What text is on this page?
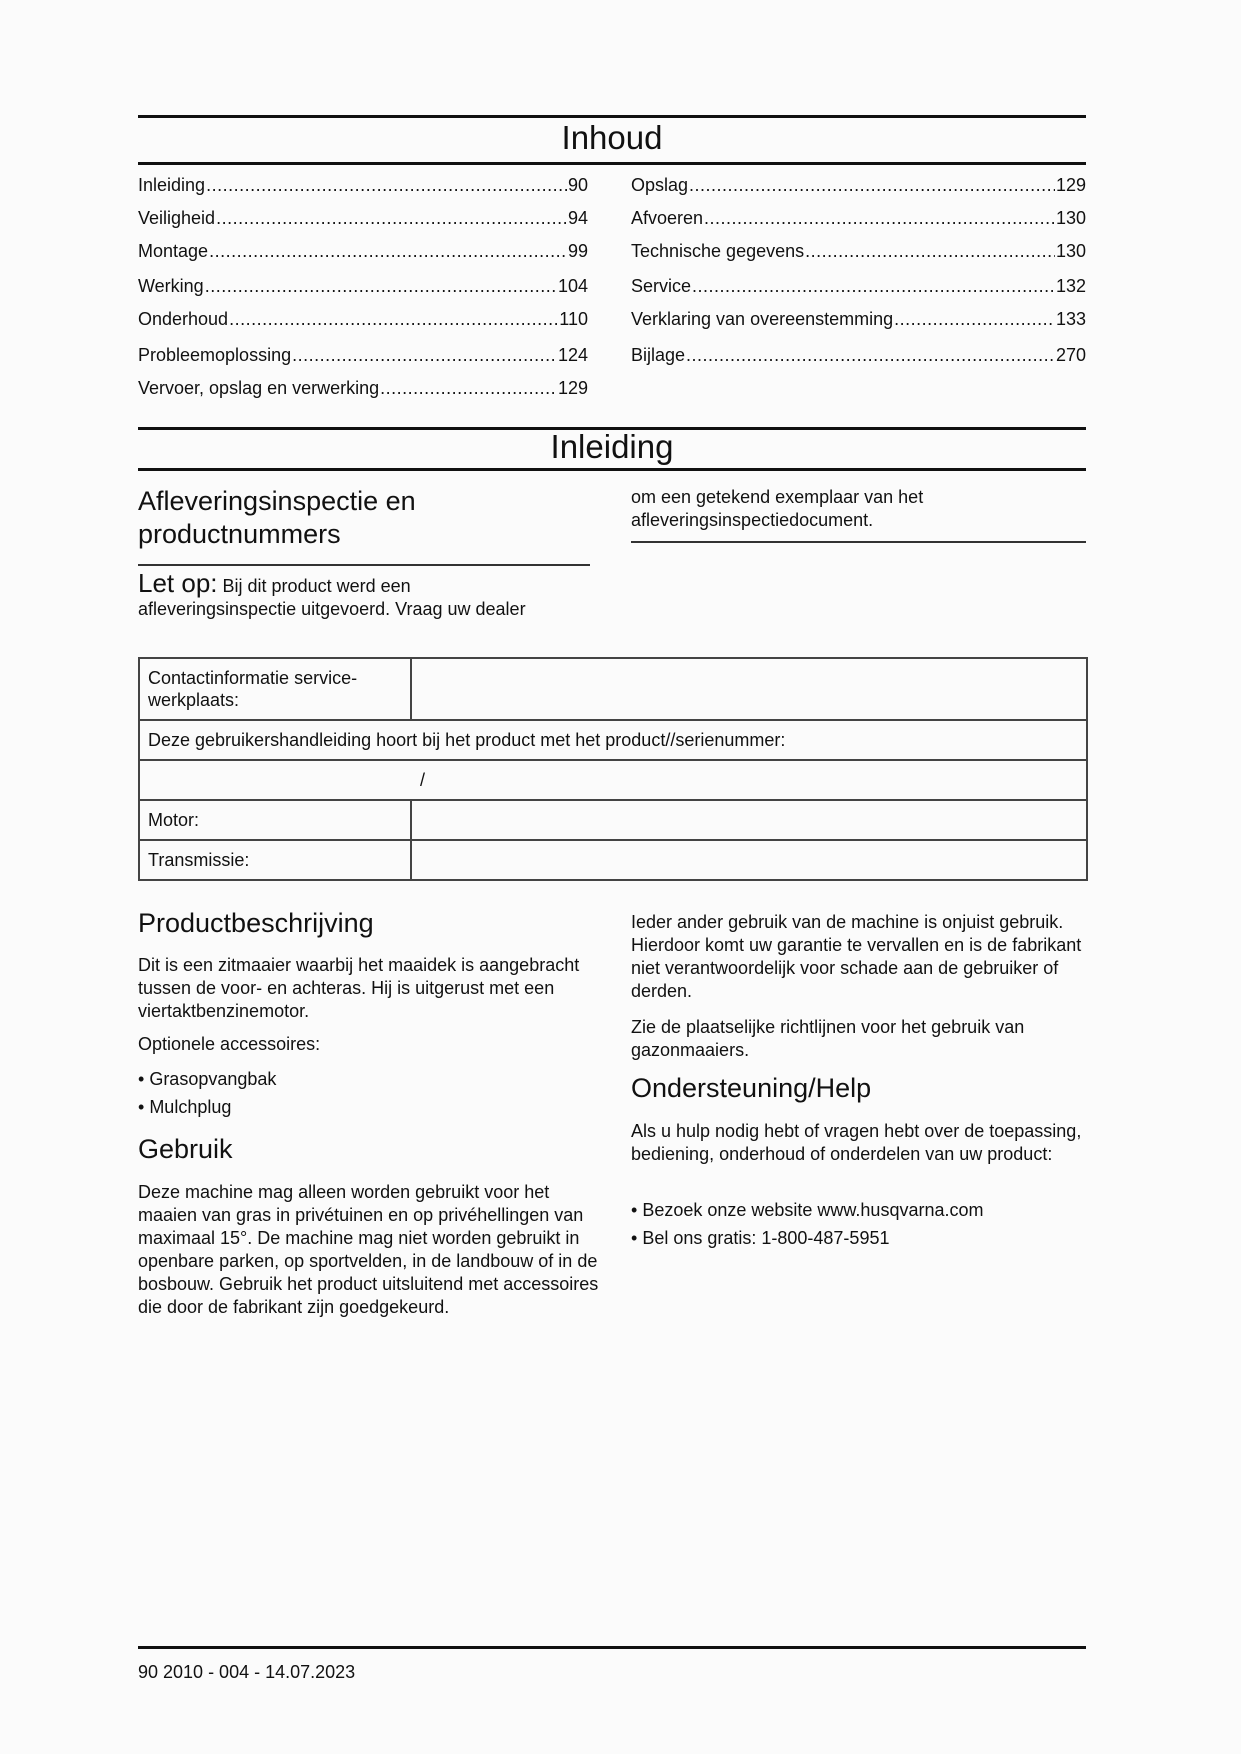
Inhoud
Inleiding .....	90
Veiligheid .....	94
Montage .....	99
Werking .....	104
Onderhoud .....	110
Probleemoplossing .....	124
Vervoer, opslag en verwerking .....	129
Opslag .....	129
Afvoeren .....	130
Technische gegevens .....	130
Service .....	132
Verklaring van overeenstemming .....	133
Bijlage .....	270
Inleiding
Afleveringsinspectie en productnummers

Let op: Bij dit product werd een
afleveringsinspectie uitgevoerd. Vraag uw dealer

om een getekend exemplaar van het
afleveringsinspectiedocument.

Contactinformatie service-werkplaats:	
Deze gebruikershandleiding hoort bij het product met het product//serienummer:	
/	
Motor:	
Transmissie:	
Productbeschrijving

Dit is een zitmaaier waarbij het maaidek is aangebracht tussen de voor- en achteras. Hij is uitgerust met een viertaktbenzinemotor.

Optionele accessoires:

• Grasopvangbak
• Mulchplug
Gebruik

Deze machine mag alleen worden gebruikt voor het maaien van gras in privétuinen en op privéhellingen van maximaal 15°. De machine mag niet worden gebruikt in openbare parken, op sportvelden, in de landbouw of in de bosbouw. Gebruik het product uitsluitend met accessoires die door de fabrikant zijn goedgekeurd.

Ieder ander gebruik van de machine is onjuist gebruik. Hierdoor komt uw garantie te vervallen en is de fabrikant niet verantwoordelijk voor schade aan de gebruiker of derden.

Zie de plaatselijke richtlijnen voor het gebruik van gazonmaaiers.

Ondersteuning/Help

Als u hulp nodig hebt of vragen hebt over de toepassing, bediening, onderhoud of onderdelen van uw product:

• Bezoek onze website www.husqvarna.com
• Bel ons gratis: 1-800-487-5951
90 2010 - 004 - 14.07.2023
